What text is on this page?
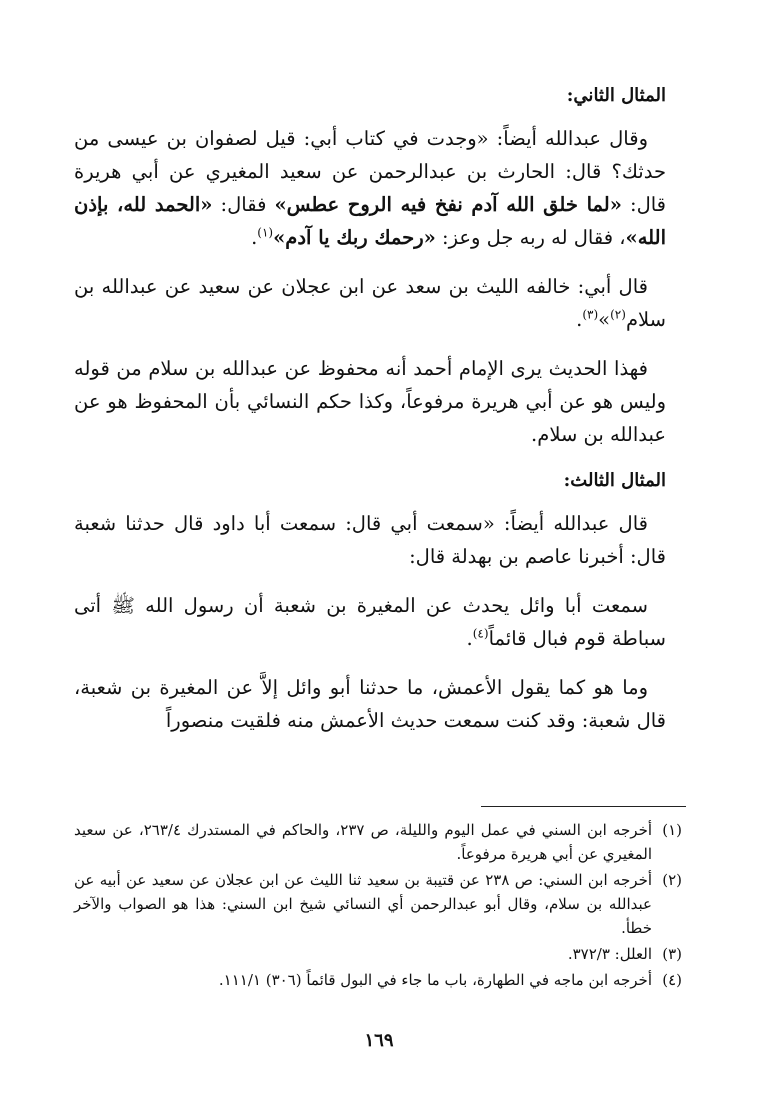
المثال الثاني:

وقال عبدالله أيضاً: «وجدت في كتاب أبي: قيل لصفوان بن عيسى من حدثك؟ قال: الحارث بن عبدالرحمن عن سعيد المغيري عن أبي هريرة قال: «لما خلق الله آدم نفخ فيه الروح عطس» فقال: «الحمد لله، بإذن الله»، فقال له ربه جل وعز: «رحمك ربك يا آدم»$^{(١)}$.

قال أبي: خالفه الليث بن سعد عن ابن عجلان عن سعيد عن عبدالله بن سلام$^{(٢)}$»$^{(٣)}$.

فهذا الحديث يرى الإمام أحمد أنه محفوظ عن عبدالله بن سلام من قوله وليس هو عن أبي هريرة مرفوعاً، وكذا حكم النسائي بأن المحفوظ هو عن عبدالله بن سلام.

المثال الثالث:

قال عبدالله أيضاً: «سمعت أبي قال: سمعت أبا داود قال حدثنا شعبة قال: أخبرنا عاصم بن بهدلة قال:

سمعت أبا وائل يحدث عن المغيرة بن شعبة أن رسول الله ﷺ أتى سباطة قوم فبال قائماً$^{(٤)}$.

وما هو كما يقول الأعمش، ما حدثنا أبو وائل إلاَّ عن المغيرة بن شعبة، قال شعبة: وقد كنت سمعت حديث الأعمش منه فلقيت منصوراً

(١)
أخرجه ابن السني في عمل اليوم والليلة، ص ٢٣٧، والحاكم في المستدرك ٢٦٣/٤، عن سعيد المغيري عن أبي هريرة مرفوعاً.
(٢)
أخرجه ابن السني: ص ٢٣٨ عن قتيبة بن سعيد ثنا الليث عن ابن عجلان عن سعيد عن أبيه عن عبدالله بن سلام، وقال أبو عبدالرحمن أي النسائي شيخ ابن السني: هذا هو الصواب والآخر خطأ.
(٣)
العلل: ٣٧٢/٣.
(٤)
أخرجه ابن ماجه في الطهارة، باب ما جاء في البول قائماً (٣٠٦) ١١١/١.
١٦٩
